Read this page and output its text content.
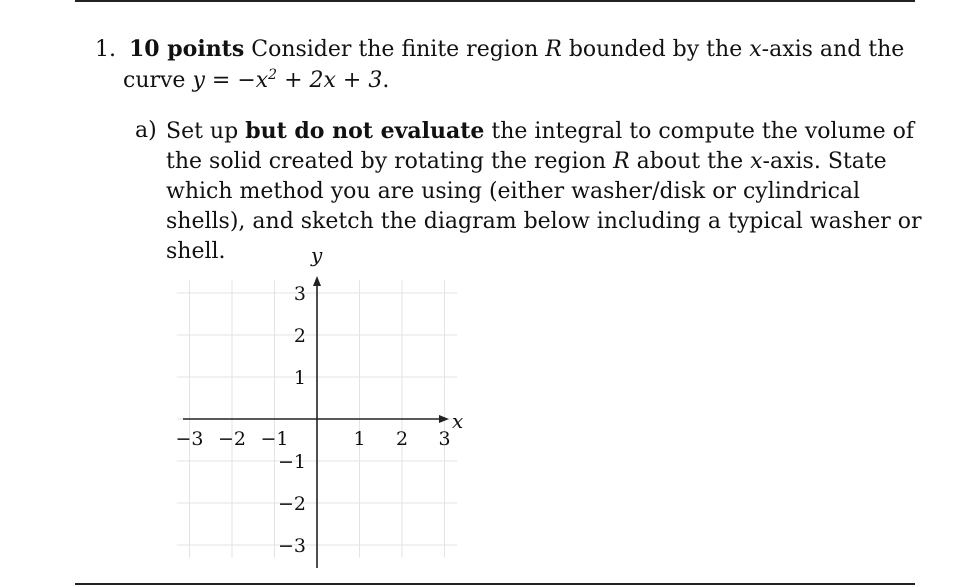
1. 10 points Consider the finite region R bounded by the x-axis and the
curve $y = -x^2 + 2x + 3$.
a) Set up but do not evaluate the integral to compute the volume of the solid created by rotating the region R about the x-axis. State which method you are using (either washer/disk or cylindrical shells), and sketch the diagram below including a typical washer or shell.
x
y
−3 −2 −1	1 2 3
3
2
1
−1
−2
−3
